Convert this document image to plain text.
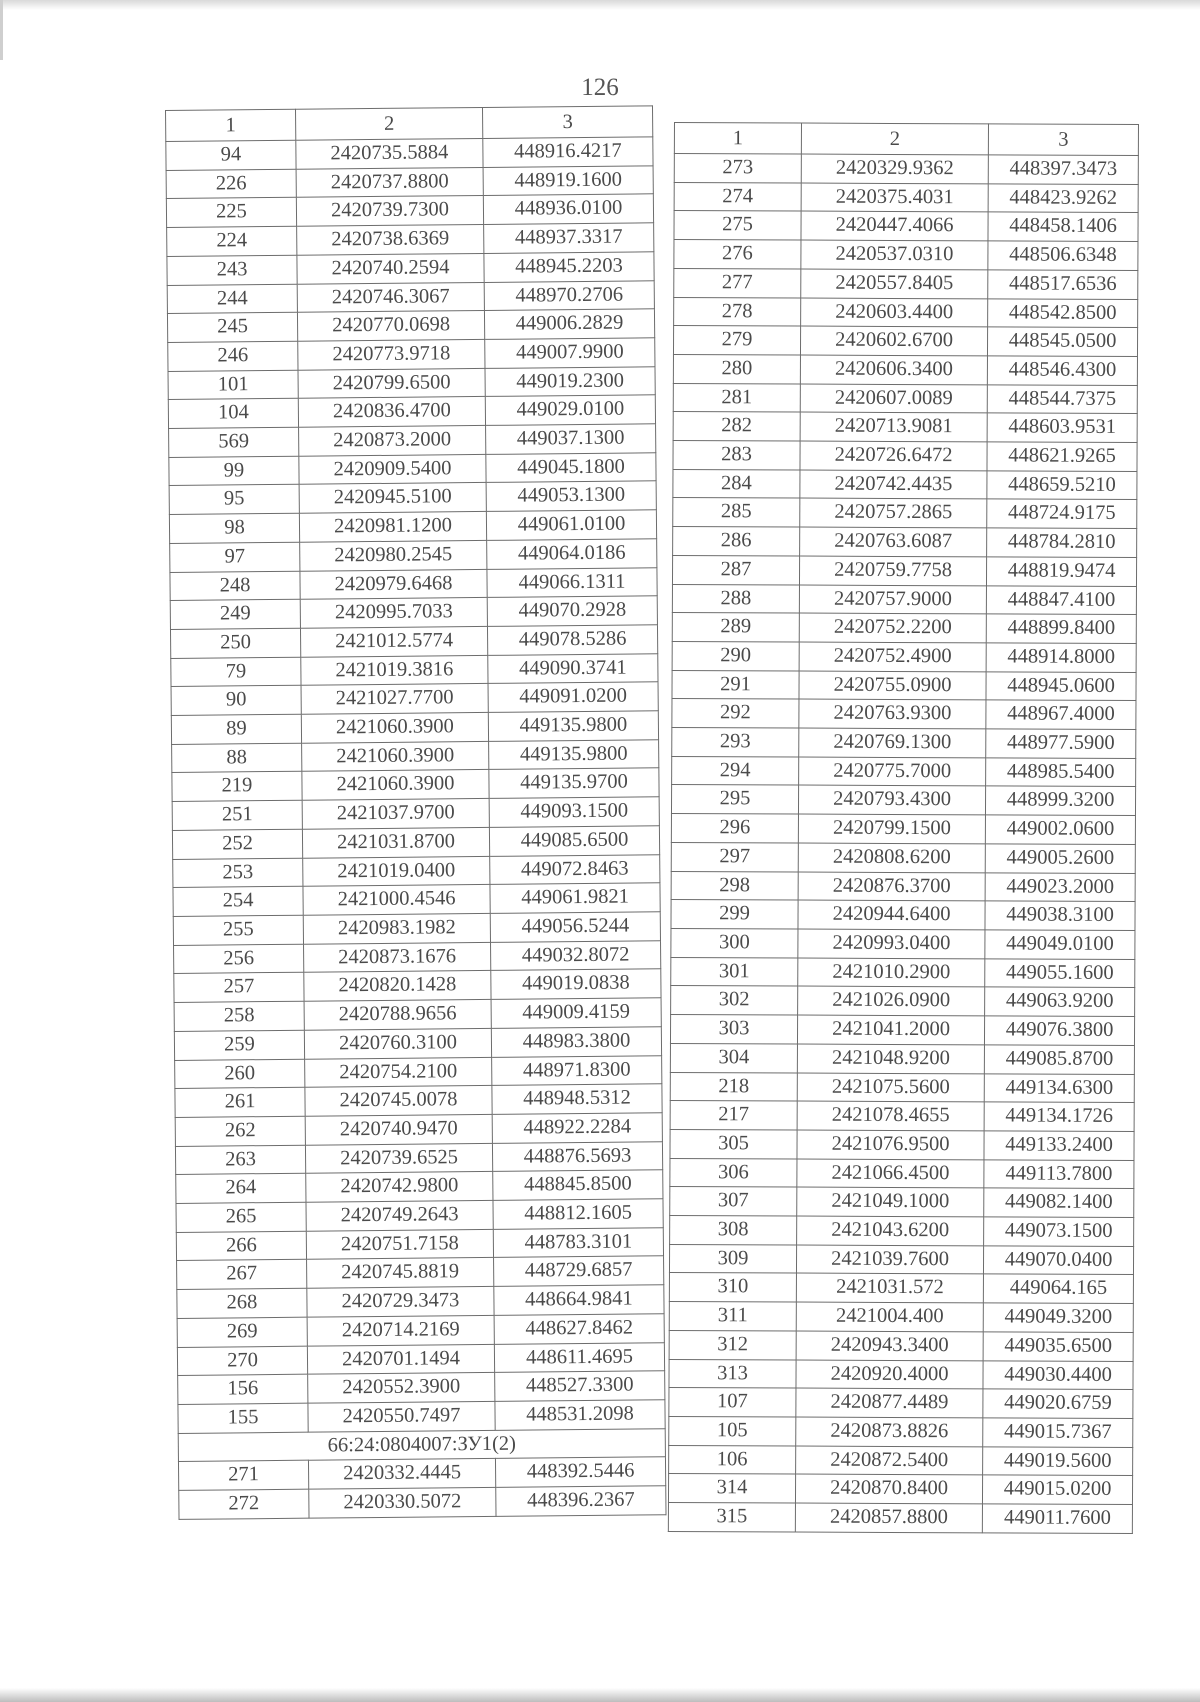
126
1	2	3
94	2420735.5884	448916.4217
226	2420737.8800	448919.1600
225	2420739.7300	448936.0100
224	2420738.6369	448937.3317
243	2420740.2594	448945.2203
244	2420746.3067	448970.2706
245	2420770.0698	449006.2829
246	2420773.9718	449007.9900
101	2420799.6500	449019.2300
104	2420836.4700	449029.0100
569	2420873.2000	449037.1300
99	2420909.5400	449045.1800
95	2420945.5100	449053.1300
98	2420981.1200	449061.0100
97	2420980.2545	449064.0186
248	2420979.6468	449066.1311
249	2420995.7033	449070.2928
250	2421012.5774	449078.5286
79	2421019.3816	449090.3741
90	2421027.7700	449091.0200
89	2421060.3900	449135.9800
88	2421060.3900	449135.9800
219	2421060.3900	449135.9700
251	2421037.9700	449093.1500
252	2421031.8700	449085.6500
253	2421019.0400	449072.8463
254	2421000.4546	449061.9821
255	2420983.1982	449056.5244
256	2420873.1676	449032.8072
257	2420820.1428	449019.0838
258	2420788.9656	449009.4159
259	2420760.3100	448983.3800
260	2420754.2100	448971.8300
261	2420745.0078	448948.5312
262	2420740.9470	448922.2284
263	2420739.6525	448876.5693
264	2420742.9800	448845.8500
265	2420749.2643	448812.1605
266	2420751.7158	448783.3101
267	2420745.8819	448729.6857
268	2420729.3473	448664.9841
269	2420714.2169	448627.8462
270	2420701.1494	448611.4695
156	2420552.3900	448527.3300
155	2420550.7497	448531.2098
66:24:0804007:ЗУ1(2)		
271	2420332.4445	448392.5446
272	2420330.5072	448396.2367
1	2	3
273	2420329.9362	448397.3473
274	2420375.4031	448423.9262
275	2420447.4066	448458.1406
276	2420537.0310	448506.6348
277	2420557.8405	448517.6536
278	2420603.4400	448542.8500
279	2420602.6700	448545.0500
280	2420606.3400	448546.4300
281	2420607.0089	448544.7375
282	2420713.9081	448603.9531
283	2420726.6472	448621.9265
284	2420742.4435	448659.5210
285	2420757.2865	448724.9175
286	2420763.6087	448784.2810
287	2420759.7758	448819.9474
288	2420757.9000	448847.4100
289	2420752.2200	448899.8400
290	2420752.4900	448914.8000
291	2420755.0900	448945.0600
292	2420763.9300	448967.4000
293	2420769.1300	448977.5900
294	2420775.7000	448985.5400
295	2420793.4300	448999.3200
296	2420799.1500	449002.0600
297	2420808.6200	449005.2600
298	2420876.3700	449023.2000
299	2420944.6400	449038.3100
300	2420993.0400	449049.0100
301	2421010.2900	449055.1600
302	2421026.0900	449063.9200
303	2421041.2000	449076.3800
304	2421048.9200	449085.8700
218	2421075.5600	449134.6300
217	2421078.4655	449134.1726
305	2421076.9500	449133.2400
306	2421066.4500	449113.7800
307	2421049.1000	449082.1400
308	2421043.6200	449073.1500
309	2421039.7600	449070.0400
310	2421031.572	449064.165
311	2421004.400	449049.3200
312	2420943.3400	449035.6500
313	2420920.4000	449030.4400
107	2420877.4489	449020.6759
105	2420873.8826	449015.7367
106	2420872.5400	449019.5600
314	2420870.8400	449015.0200
315	2420857.8800	449011.7600
